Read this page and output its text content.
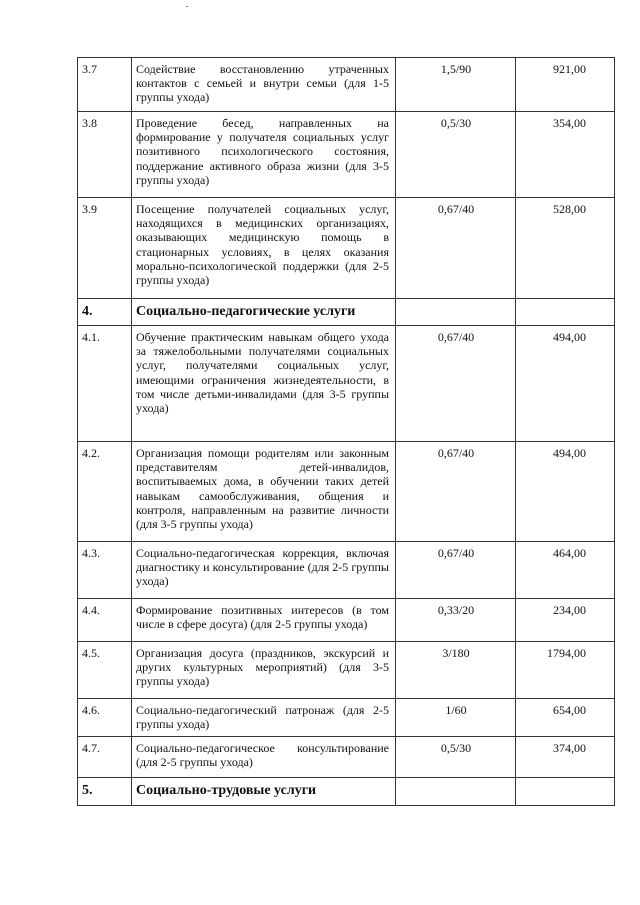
3.7	Содействие восстановлению утраченных контактов с семьей и внутри семьи (для 1-5 группы ухода)	1,5/90	921,00
3.8	Проведение бесед, направленных на формирование у получателя социальных услуг позитивного психологического состояния, поддержание активного образа жизни (для 3-5 группы ухода)	0,5/30	354,00
3.9	Посещение получателей социальных услуг, находящихся в медицинских организациях, оказывающих медицинскую помощь в стационарных условиях, в целях оказания морально-психологической поддержки (для 2-5 группы ухода)	0,67/40	528,00
4.	Социально-педагогические услуги		
4.1.	Обучение практическим навыкам общего ухода за тяжелобольными получателями социальных услуг, получателями социальных услуг, имеющими ограничения жизнедеятельности, в том числе детьми-инвалидами (для 3-5 группы ухода)	0,67/40	494,00
4.2.	Организация помощи родителям или законным представителям детей-инвалидов, воспитываемых дома, в обучении таких детей навыкам самообслуживания, общения и контроля, направленным на развитие личности (для 3-5 группы ухода)	0,67/40	494,00
4.3.	Социально-педагогическая коррекция, включая диагностику и консультирование (для 2-5 группы ухода)	0,67/40	464,00
4.4.	Формирование позитивных интересов (в том числе в сфере досуга) (для 2-5 группы ухода)	0,33/20	234,00
4.5.	Организация досуга (праздников, экскурсий и других культурных мероприятий) (для 3-5 группы ухода)	3/180	1794,00
4.6.	Социально-педагогический патронаж (для 2-5 группы ухода)	1/60	654,00
4.7.	Социально-педагогическое консультирование (для 2-5 группы ухода)	0,5/30	374,00
5.	Социально-трудовые услуги		
